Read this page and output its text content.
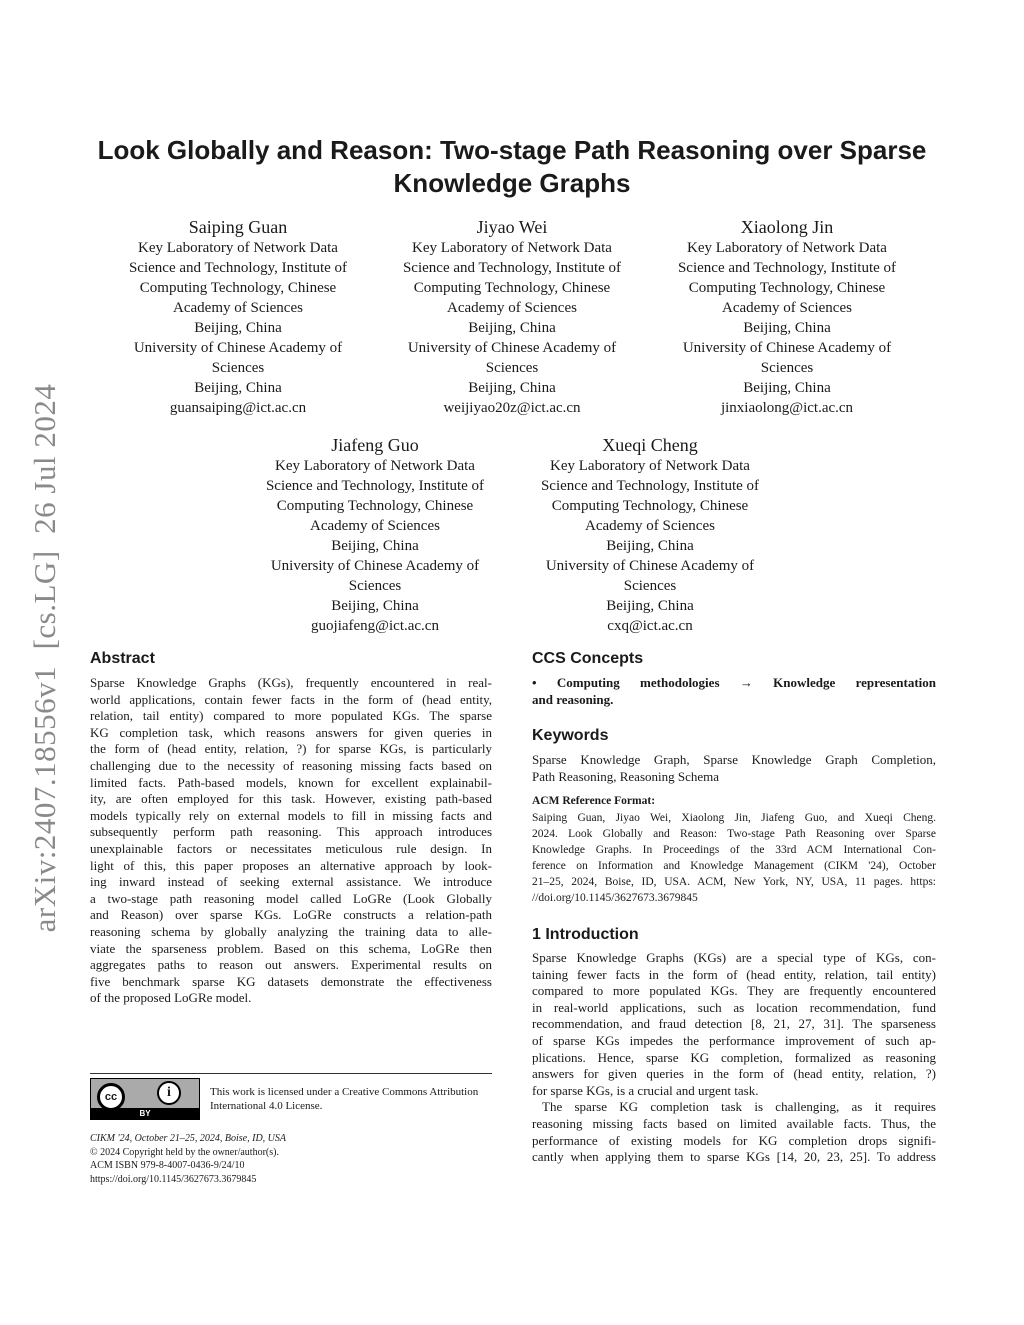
arXiv:2407.18556v1  [cs.LG]  26 Jul 2024
Look Globally and Reason: Two-stage Path Reasoning over Sparse
Knowledge Graphs
Saiping Guan
Key Laboratory of Network Data
Science and Technology, Institute of
Computing Technology, Chinese
Academy of Sciences
Beijing, China
University of Chinese Academy of
Sciences
Beijing, China
guansaiping@ict.ac.cn
Jiyao Wei
Key Laboratory of Network Data
Science and Technology, Institute of
Computing Technology, Chinese
Academy of Sciences
Beijing, China
University of Chinese Academy of
Sciences
Beijing, China
weijiyao20z@ict.ac.cn
Xiaolong Jin
Key Laboratory of Network Data
Science and Technology, Institute of
Computing Technology, Chinese
Academy of Sciences
Beijing, China
University of Chinese Academy of
Sciences
Beijing, China
jinxiaolong@ict.ac.cn
Jiafeng Guo
Key Laboratory of Network Data
Science and Technology, Institute of
Computing Technology, Chinese
Academy of Sciences
Beijing, China
University of Chinese Academy of
Sciences
Beijing, China
guojiafeng@ict.ac.cn
Xueqi Cheng
Key Laboratory of Network Data
Science and Technology, Institute of
Computing Technology, Chinese
Academy of Sciences
Beijing, China
University of Chinese Academy of
Sciences
Beijing, China
cxq@ict.ac.cn
Abstract
Sparse Knowledge Graphs (KGs), frequently encountered in real-
world applications, contain fewer facts in the form of (head entity,
relation, tail entity) compared to more populated KGs. The sparse
KG completion task, which reasons answers for given queries in
the form of (head entity, relation, ?) for sparse KGs, is particularly
challenging due to the necessity of reasoning missing facts based on
limited facts. Path-based models, known for excellent explainabil-
ity, are often employed for this task. However, existing path-based
models typically rely on external models to fill in missing facts and
subsequently perform path reasoning. This approach introduces
unexplainable factors or necessitates meticulous rule design. In
light of this, this paper proposes an alternative approach by look-
ing inward instead of seeking external assistance. We introduce
a two-stage path reasoning model called LoGRe (Look Globally
and Reason) over sparse KGs. LoGRe constructs a relation-path
reasoning schema by globally analyzing the training data to alle-
viate the sparseness problem. Based on this schema, LoGRe then
aggregates paths to reason out answers. Experimental results on
five benchmark sparse KG datasets demonstrate the effectiveness
of the proposed LoGRe model.
cc	i
BY
This work is licensed under a Creative Commons Attribution
International 4.0 License.
CIKM '24, October 21–25, 2024, Boise, ID, USA
© 2024 Copyright held by the owner/author(s).
ACM ISBN 979-8-4007-0436-9/24/10
https://doi.org/10.1145/3627673.3679845
CCS Concepts
• Computing methodologies → Knowledge representation
and reasoning.
Keywords
Sparse Knowledge Graph, Sparse Knowledge Graph Completion,
Path Reasoning, Reasoning Schema
ACM Reference Format:
Saiping Guan, Jiyao Wei, Xiaolong Jin, Jiafeng Guo, and Xueqi Cheng.
2024. Look Globally and Reason: Two-stage Path Reasoning over Sparse
Knowledge Graphs. In Proceedings of the 33rd ACM International Con-
ference on Information and Knowledge Management (CIKM '24), October
21–25, 2024, Boise, ID, USA. ACM, New York, NY, USA, 11 pages. https:
//doi.org/10.1145/3627673.3679845
1 Introduction
Sparse Knowledge Graphs (KGs) are a special type of KGs, con-
taining fewer facts in the form of (head entity, relation, tail entity)
compared to more populated KGs. They are frequently encountered
in real-world applications, such as location recommendation, fund
recommendation, and fraud detection [8, 21, 27, 31]. The sparseness
of sparse KGs impedes the performance improvement of such ap-
plications. Hence, sparse KG completion, formalized as reasoning
answers for given queries in the form of (head entity, relation, ?)
for sparse KGs, is a crucial and urgent task.
The sparse KG completion task is challenging, as it requires
reasoning missing facts based on limited available facts. Thus, the
performance of existing models for KG completion drops signifi-
cantly when applying them to sparse KGs [14, 20, 23, 25]. To address
